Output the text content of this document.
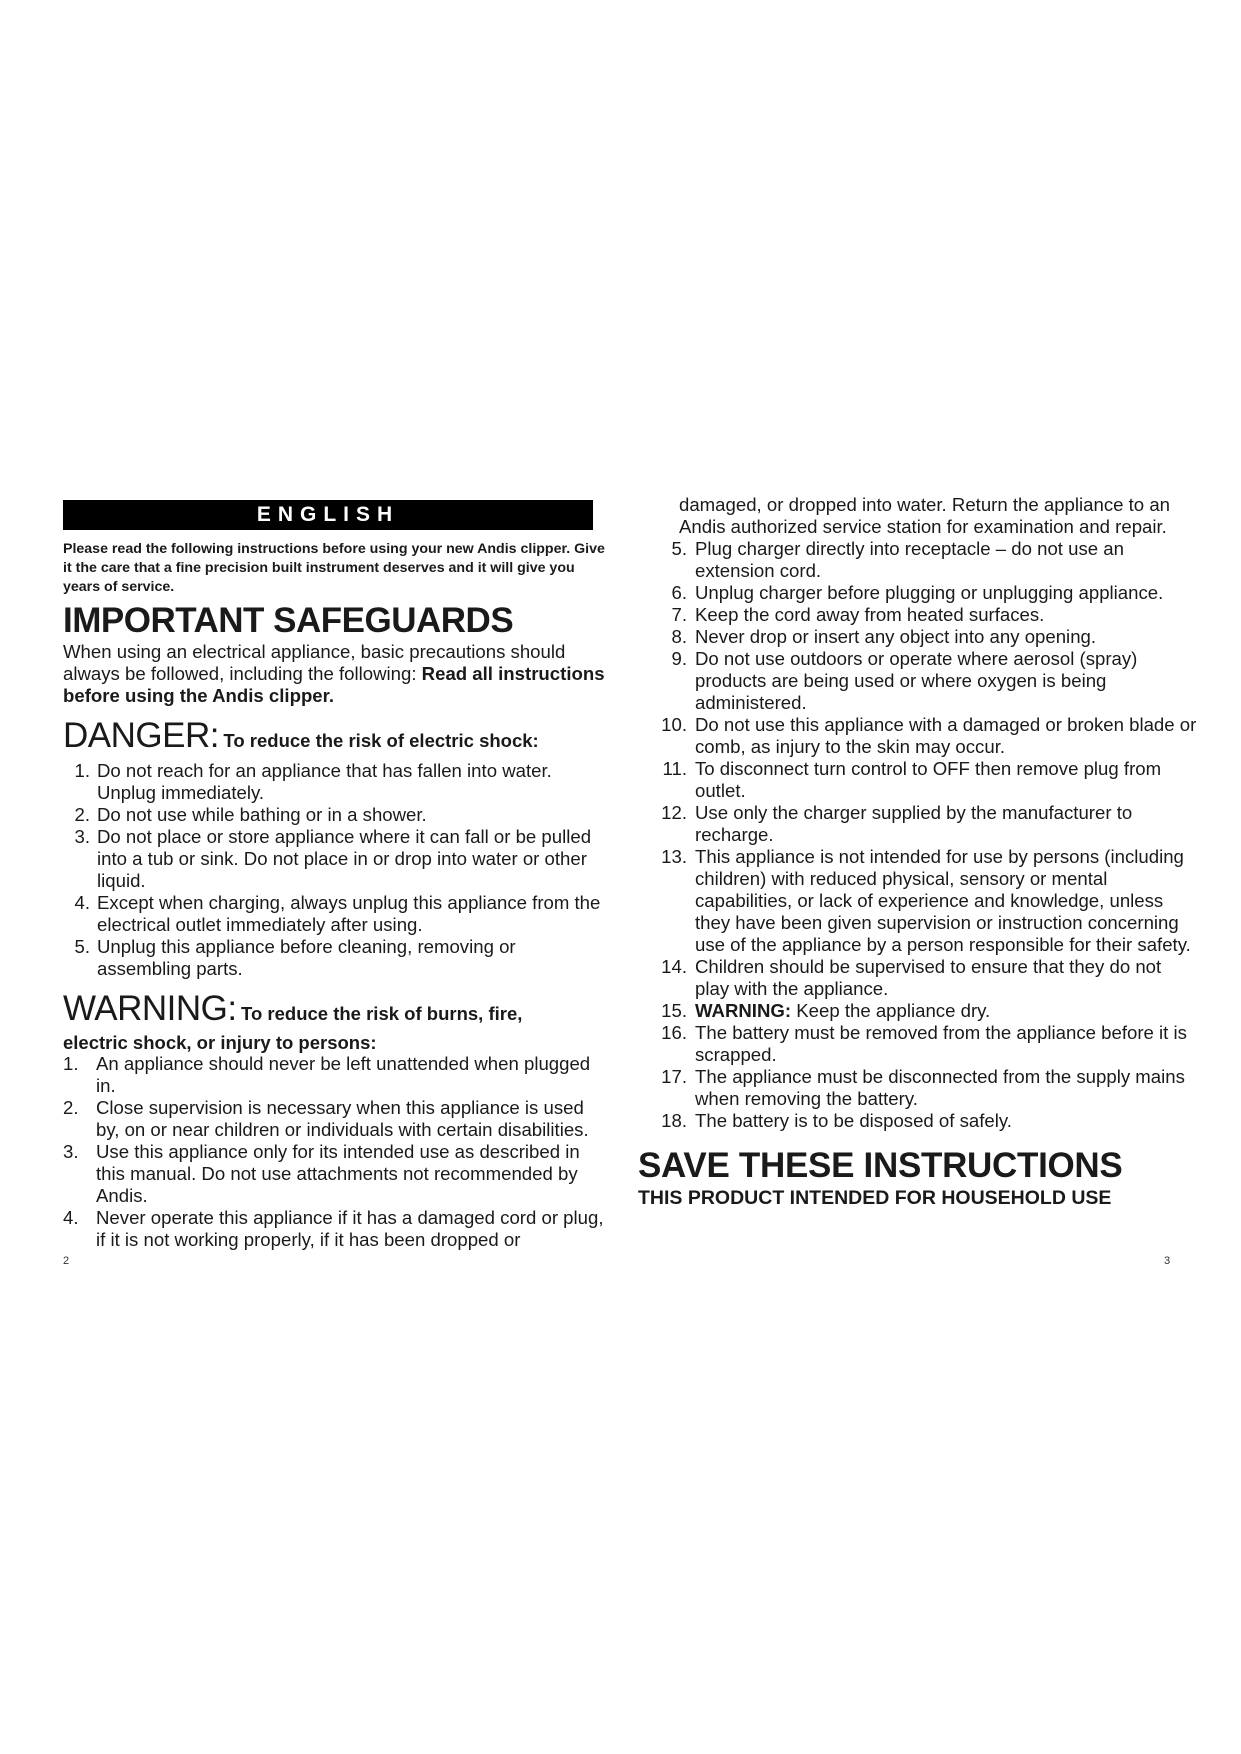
ENGLISH
Please read the following instructions before using your new Andis clipper. Give it the care that a fine precision built instrument deserves and it will give you years of service.
IMPORTANT SAFEGUARDS
When using an electrical appliance, basic precautions should always be followed, including the following: Read all instructions before using the Andis clipper.
DANGER: To reduce the risk of electric shock:
1. Do not reach for an appliance that has fallen into water. Unplug immediately.
2. Do not use while bathing or in a shower.
3. Do not place or store appliance where it can fall or be pulled into a tub or sink. Do not place in or drop into water or other liquid.
4. Except when charging, always unplug this appliance from the electrical outlet immediately after using.
5. Unplug this appliance before cleaning, removing or assembling parts.
WARNING: To reduce the risk of burns, fire,
electric shock, or injury to persons:
1. An appliance should never be left unattended when plugged in.
2. Close supervision is necessary when this appliance is used by, on or near children or individuals with certain disabilities.
3. Use this appliance only for its intended use as described in this manual. Do not use attachments not recommended by Andis.
4. Never operate this appliance if it has a damaged cord or plug, if it is not working properly, if it has been dropped or
2
damaged, or dropped into water. Return the appliance to an Andis authorized service station for examination and repair.
5. Plug charger directly into receptacle – do not use an extension cord.
6. Unplug charger before plugging or unplugging appliance.
7. Keep the cord away from heated surfaces.
8. Never drop or insert any object into any opening.
9. Do not use outdoors or operate where aerosol (spray) products are being used or where oxygen is being administered.
10. Do not use this appliance with a damaged or broken blade or comb, as injury to the skin may occur.
11. To disconnect turn control to OFF then remove plug from outlet.
12. Use only the charger supplied by the manufacturer to recharge.
13. This appliance is not intended for use by persons (including children) with reduced physical, sensory or mental capabilities, or lack of experience and knowledge, unless they have been given supervision or instruction concerning use of the appliance by a person responsible for their safety.
14. Children should be supervised to ensure that they do not play with the appliance.
15. WARNING: Keep the appliance dry.
16. The battery must be removed from the appliance before it is scrapped.
17. The appliance must be disconnected from the supply mains when removing the battery.
18. The battery is to be disposed of safely.
SAVE THESE INSTRUCTIONS
THIS PRODUCT INTENDED FOR HOUSEHOLD USE
3
